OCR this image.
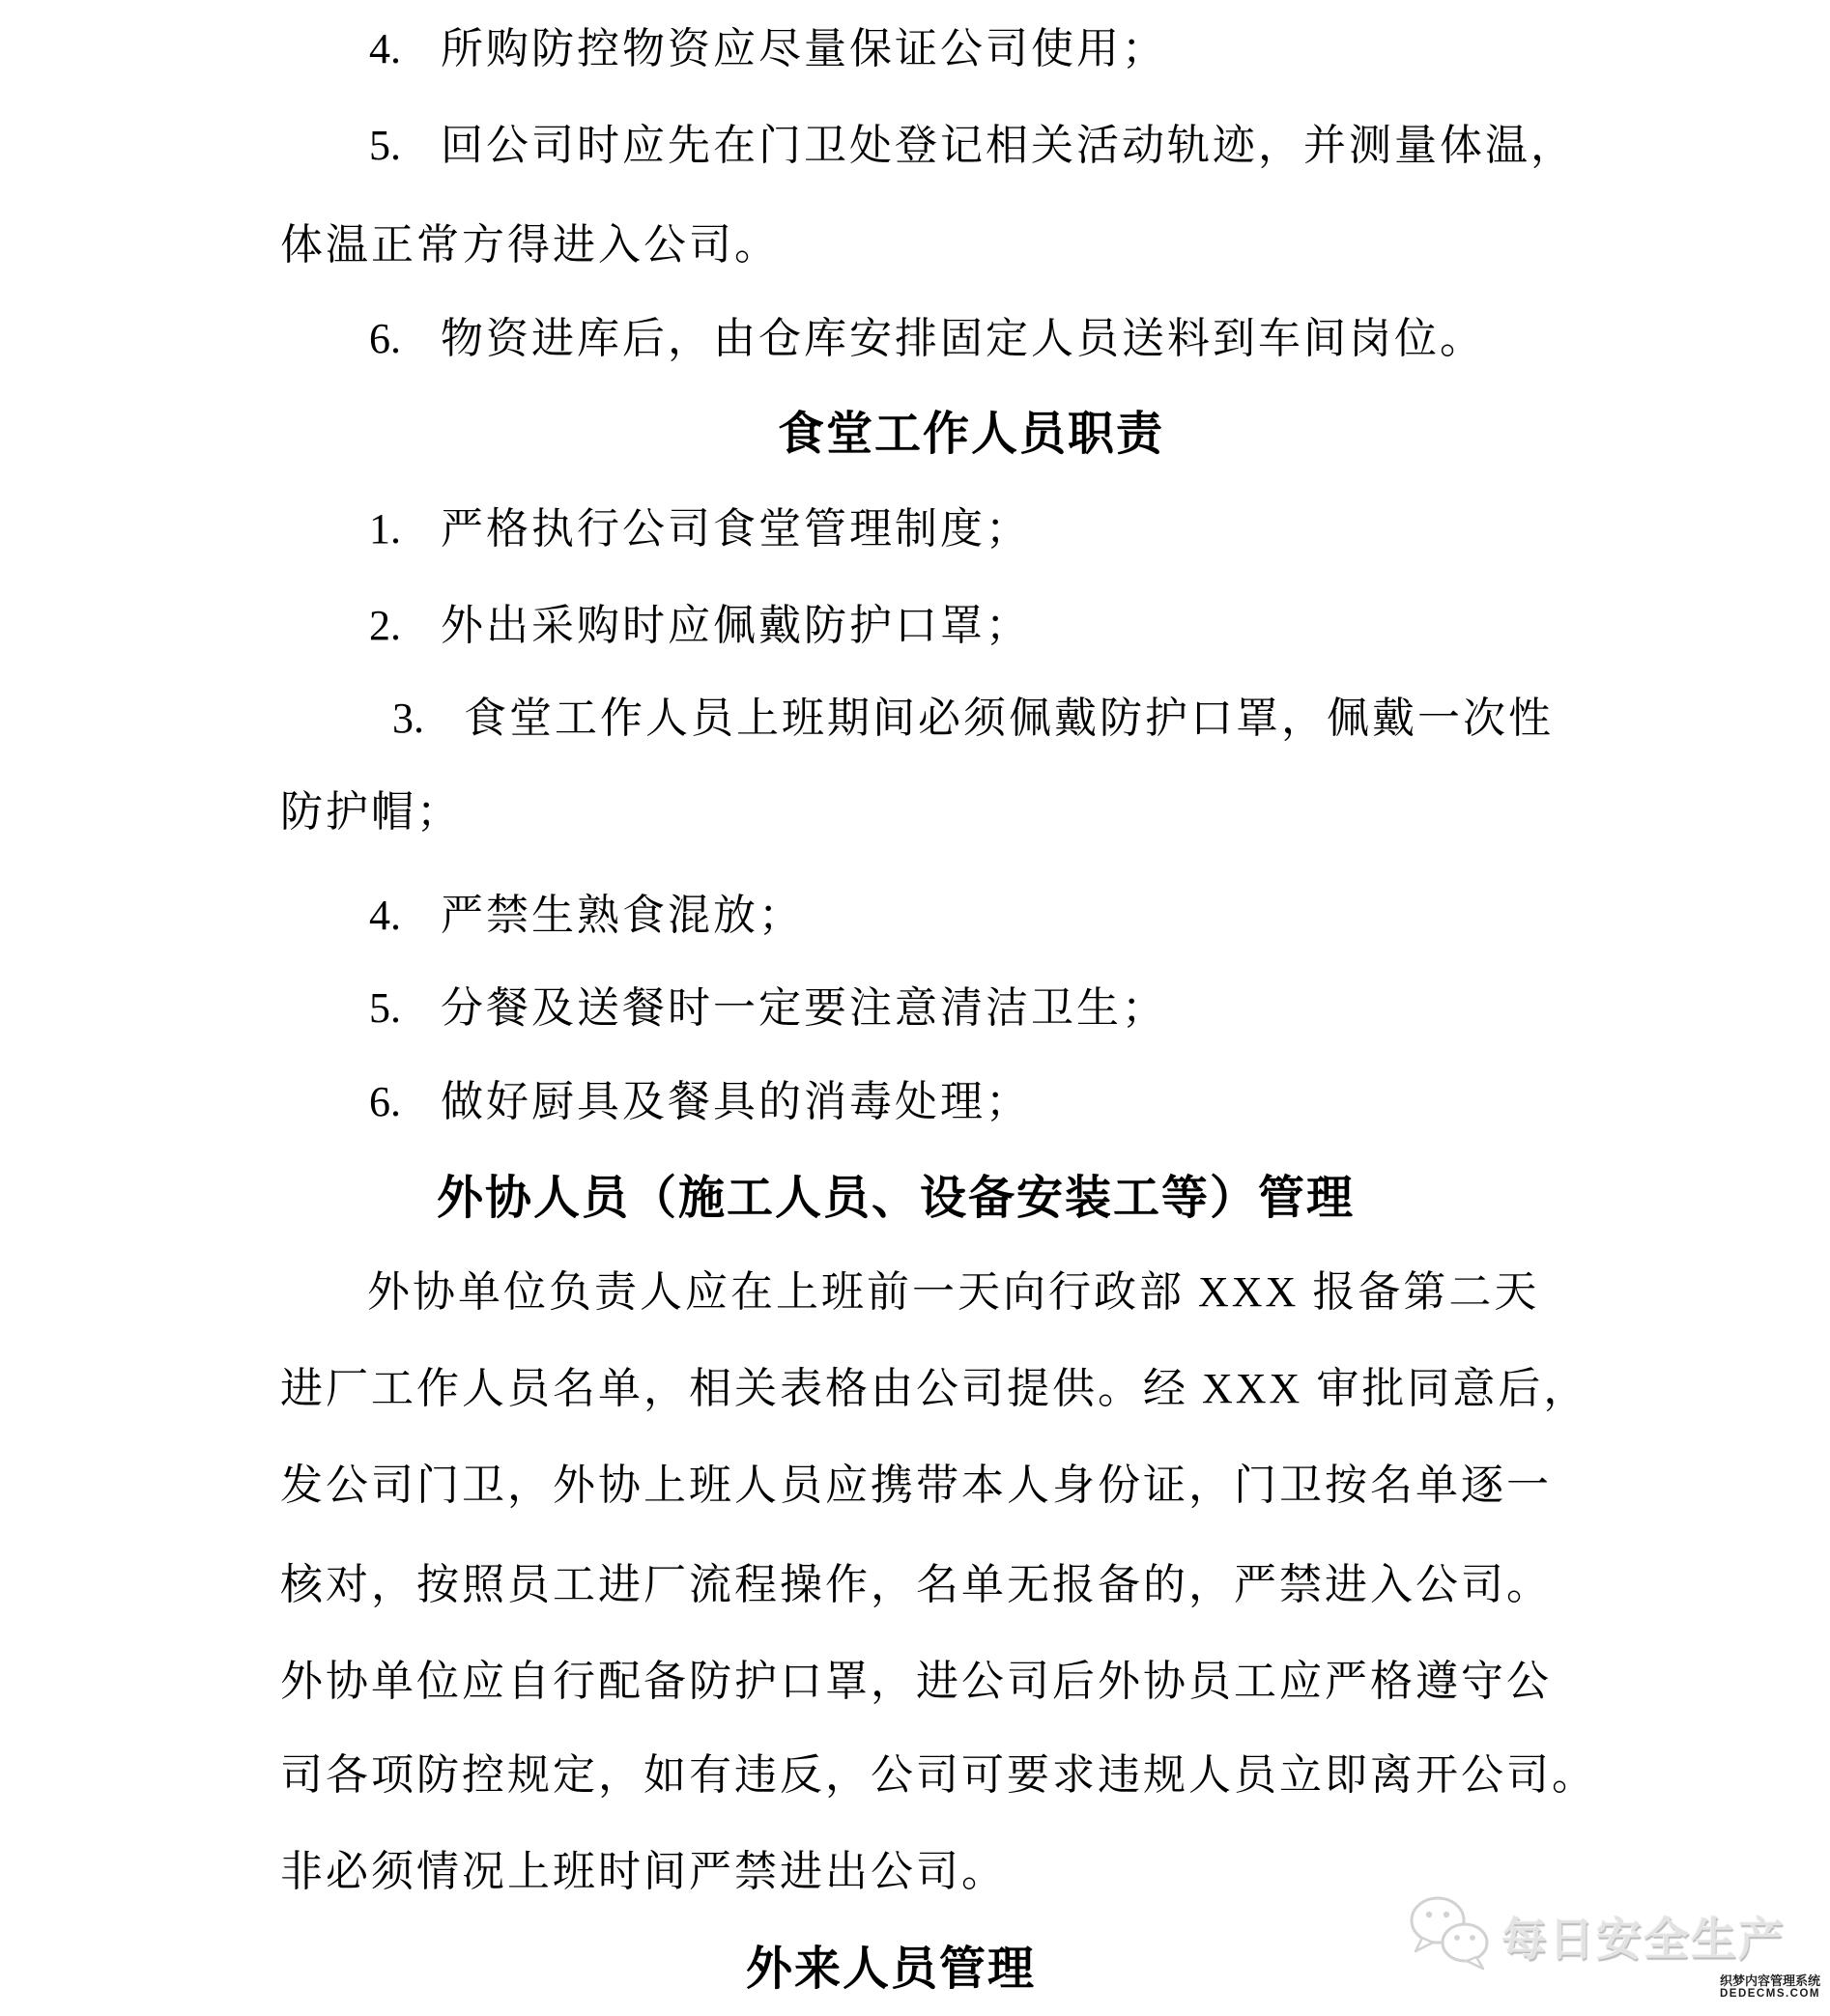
4. 所购防控物资应尽量保证公司使用；
5. 回公司时应先在门卫处登记相关活动轨迹，并测量体温，
体温正常方得进入公司。
6. 物资进库后，由仓库安排固定人员送料到车间岗位。
食堂工作人员职责
1. 严格执行公司食堂管理制度；
2. 外出采购时应佩戴防护口罩；
3. 食堂工作人员上班期间必须佩戴防护口罩，佩戴一次性
防护帽；
4. 严禁生熟食混放；
5. 分餐及送餐时一定要注意清洁卫生；
6. 做好厨具及餐具的消毒处理；
外协人员（施工人员、设备安装工等）管理
外协单位负责人应在上班前一天向行政部 XXX 报备第二天
进厂工作人员名单，相关表格由公司提供。经 XXX 审批同意后，
发公司门卫，外协上班人员应携带本人身份证，门卫按名单逐一
核对，按照员工进厂流程操作，名单无报备的，严禁进入公司。
外协单位应自行配备防护口罩，进公司后外协员工应严格遵守公
司各项防控规定，如有违反，公司可要求违规人员立即离开公司。
非必须情况上班时间严禁进出公司。
外来人员管理
每日安全生产
织梦内容管理系统
DEDECMS.COM
